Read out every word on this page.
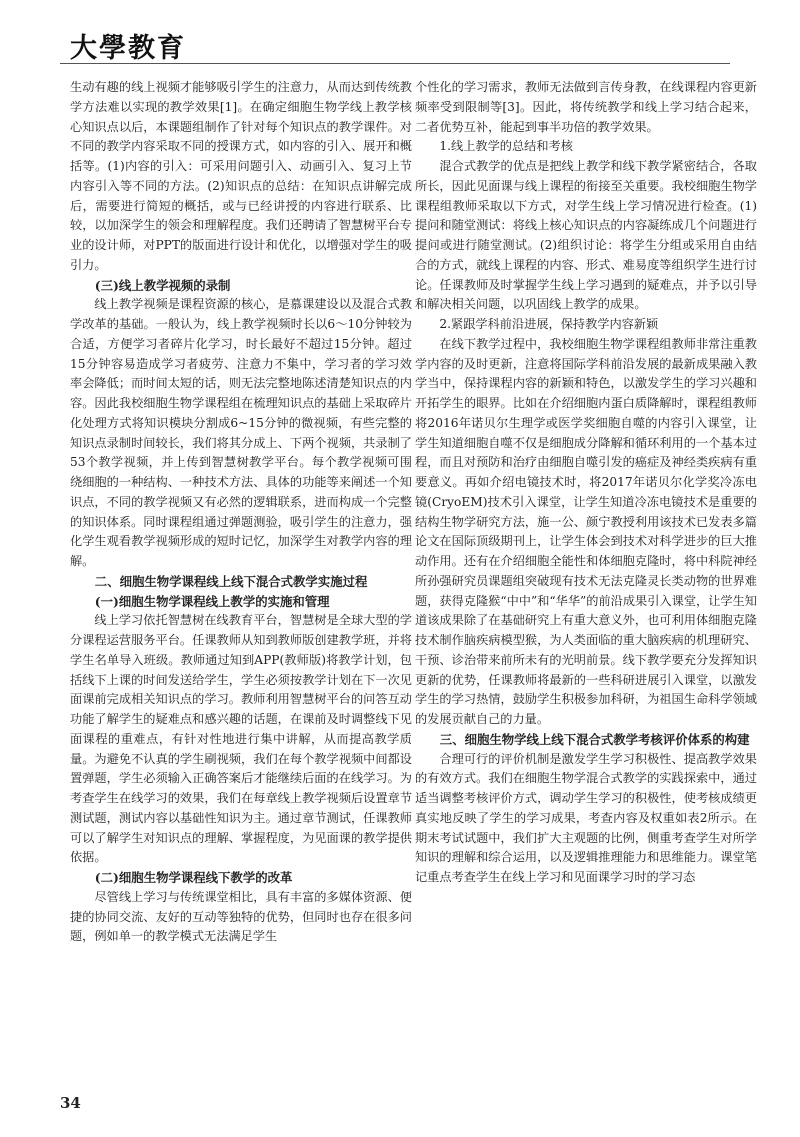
大學教育

生动有趣的线上视频才能够吸引学生的注意力，从而达到传统教学方法难以实现的教学效果[1]。在确定细胞生物学线上教学核心知识点以后，本课题组制作了针对每个知识点的教学课件。对不同的教学内容采取不同的授课方式，如内容的引入、展开和概括等。(1)内容的引入：可采用问题引入、动画引入、复习上节内容引入等不同的方法。(2)知识点的总结：在知识点讲解完成后，需要进行简短的概括，或与已经讲授的内容进行联系、比较，以加深学生的领会和理解程度。我们还聘请了智慧树平台专业的设计师，对PPT的版面进行设计和优化，以增强对学生的吸引力。

(三)线上教学视频的录制

线上教学视频是课程资源的核心，是慕课建设以及混合式教学改革的基础。一般认为，线上教学视频时长以6～10分钟较为合适，方便学习者碎片化学习，时长最好不超过15分钟。超过15分钟容易造成学习者疲劳、注意力不集中，学习者的学习效率会降低；而时间太短的话，则无法完整地陈述清楚知识点的内容。因此我校细胞生物学课程组在梳理知识点的基础上采取碎片化处理方式将知识模块分割成6~15分钟的微视频，有些完整的知识点录制时间较长，我们将其分成上、下两个视频，共录制了53个教学视频，并上传到智慧树教学平台。每个教学视频可围绕细胞的一种结构、一种技术方法、具体的功能等来阐述一个知识点，不同的教学视频又有必然的逻辑联系，进而构成一个完整的知识体系。同时课程组通过弹题测验，吸引学生的注意力，强化学生观看教学视频形成的短时记忆，加深学生对教学内容的理解。

二、细胞生物学课程线上线下混合式教学实施过程
(一)细胞生物学课程线上教学的实施和管理

线上学习依托智慧树在线教育平台，智慧树是全球大型的学分课程运营服务平台。任课教师从知到教师版创建教学班，并将学生名单导入班级。教师通过知到APP(教师版)将教学计划，包括线下上课的时间发送给学生，学生必须按教学计划在下一次见面课前完成相关知识点的学习。教师利用智慧树平台的问答互动功能了解学生的疑难点和感兴趣的话题，在课前及时调整线下见面课程的重难点，有针对性地进行集中讲解，从而提高教学质量。为避免不认真的学生刷视频，我们在每个教学视频中间都设置弹题，学生必须输入正确答案后才能继续后面的在线学习。为考查学生在线学习的效果，我们在每章线上教学视频后设置章节测试题，测试内容以基础性知识为主。通过章节测试，任课教师可以了解学生对知识点的理解、掌握程度，为见面课的教学提供依据。

(二)细胞生物学课程线下教学的改革

尽管线上学习与传统课堂相比，具有丰富的多媒体资源、便捷的协同交流、友好的互动等独特的优势，但同时也存在很多问题，例如单一的教学模式无法满足学生

个性化的学习需求，教师无法做到言传身教，在线课程内容更新频率受到限制等[3]。因此，将传统教学和线上学习结合起来，二者优势互补，能起到事半功倍的教学效果。

1.线上教学的总结和考核

混合式教学的优点是把线上教学和线下教学紧密结合，各取所长，因此见面课与线上课程的衔接至关重要。我校细胞生物学课程组教师采取以下方式，对学生线上学习情况进行检查。(1)提问和随堂测试：将线上核心知识点的内容凝练成几个问题进行提问或进行随堂测试。(2)组织讨论：将学生分组或采用自由结合的方式，就线上课程的内容、形式、难易度等组织学生进行讨论。任课教师及时掌握学生线上学习遇到的疑难点，并予以引导和解决相关问题，以巩固线上教学的成果。

2.紧跟学科前沿进展，保持教学内容新颖

在线下教学过程中，我校细胞生物学课程组教师非常注重教学内容的及时更新，注意将国际学科前沿发展的最新成果融入教学当中，保持课程内容的新颖和特色，以激发学生的学习兴趣和开拓学生的眼界。比如在介绍细胞内蛋白质降解时，课程组教师将2016年诺贝尔生理学或医学奖细胞自噬的内容引入课堂，让学生知道细胞自噬不仅是细胞成分降解和循环利用的一个基本过程，而且对预防和治疗由细胞自噬引发的癌症及神经类疾病有重要意义。再如介绍电镜技术时，将2017年诺贝尔化学奖冷冻电镜(CryoEM)技术引入课堂，让学生知道冷冻电镜技术是重要的结构生物学研究方法，施一公、颜宁教授利用该技术已发表多篇论文在国际顶级期刊上，让学生体会到技术对科学进步的巨大推动作用。还有在介绍细胞全能性和体细胞克隆时，将中科院神经所孙强研究员课题组突破现有技术无法克隆灵长类动物的世界难题，获得克隆猴“中中”和“华华”的前沿成果引入课堂，让学生知道该成果除了在基础研究上有重大意义外，也可利用体细胞克隆技术制作脑疾病模型猴，为人类面临的重大脑疾病的机理研究、干预、诊治带来前所未有的光明前景。线下教学要充分发挥知识更新的优势，任课教师将最新的一些科研进展引入课堂，以激发学生的学习热情，鼓励学生积极参加科研，为祖国生命科学领域的发展贡献自己的力量。

三、细胞生物学线上线下混合式教学考核评价体系的构建

合理可行的评价机制是激发学生学习积极性、提高教学效果的有效方式。我们在细胞生物学混合式教学的实践探索中，通过适当调整考核评价方式，调动学生学习的积极性，使考核成绩更真实地反映了学生的学习成果，考查内容及权重如表2所示。在期末考试试题中，我们扩大主观题的比例，侧重考查学生对所学知识的理解和综合运用，以及逻辑推理能力和思维能力。课堂笔记重点考查学生在线上学习和见面课学习时的学习态

34
